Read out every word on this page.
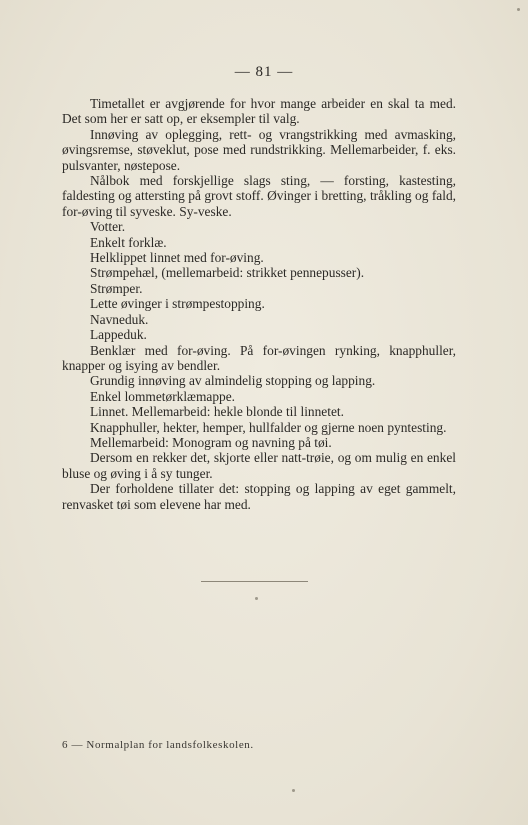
— 81 —

Timetallet er avgjørende for hvor mange arbeider en skal ta med. Det som her er satt op, er eksempler til valg.

Innøving av oplegging, rett- og vrangstrikking med avmasking, øvingsremse, støveklut, pose med rundstrikking. Mellemarbeider, f. eks. pulsvanter, nøstepose.

Nålbok med forskjellige slags sting, — forsting, kastesting, faldesting og attersting på grovt stoff. Øvinger i bretting, tråkling og fald, for-øving til syveske. Sy-veske.

Votter.

Enkelt forklæ.

Helklippet linnet med for-øving.

Strømpehæl, (mellemarbeid: strikket pennepusser).

Strømper.

Lette øvinger i strømpestopping.

Navneduk.

Lappeduk.

Benklær med for-øving. På for-øvingen rynking, knapphuller, knapper og isying av bendler.

Grundig innøving av almindelig stopping og lapping.

Enkel lommetørklæmappe.

Linnet. Mellemarbeid: hekle blonde til linnetet.

Knapphuller, hekter, hemper, hullfalder og gjerne noen pyntesting.

Mellemarbeid: Monogram og navning på tøi.

Dersom en rekker det, skjorte eller natt-trøie, og om mulig en enkel bluse og øving i å sy tunger.

Der forholdene tillater det: stopping og lapping av eget gammelt, renvasket tøi som elevene har med.

6 — Normalplan for landsfolkeskolen.
